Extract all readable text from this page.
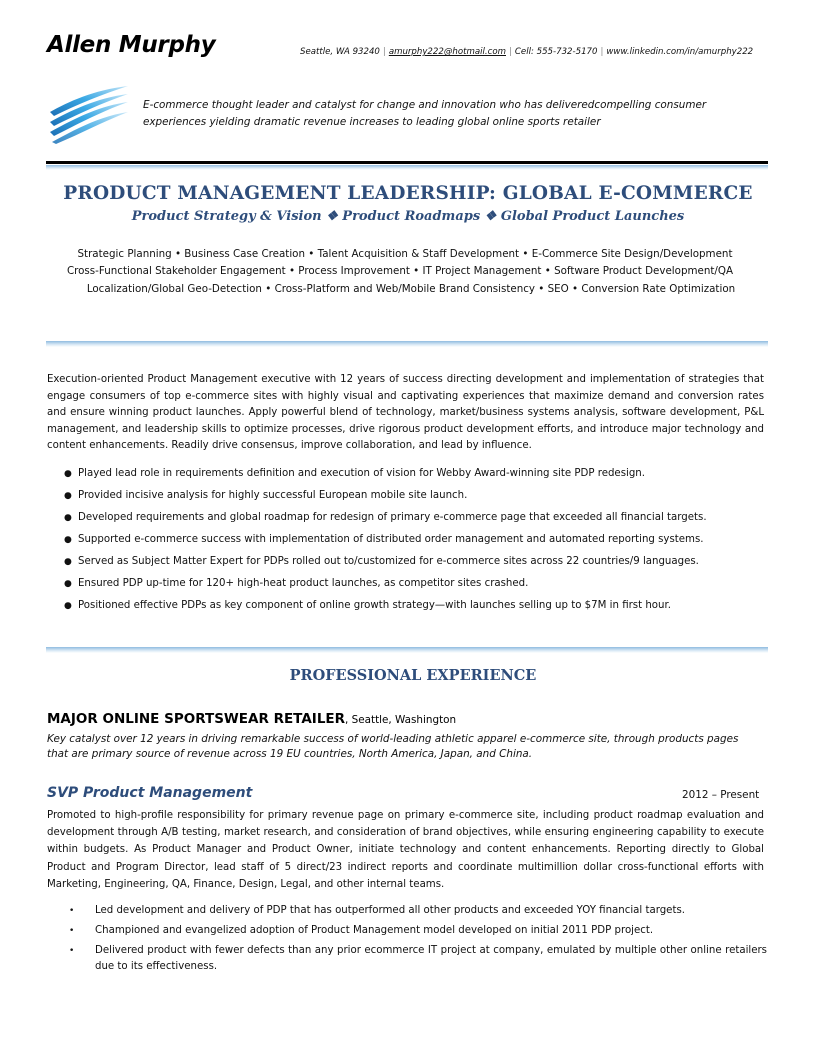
Allen Murphy	Seattle, WA 93240 | amurphy222@hotmail.com | Cell: 555-732-5170 | www.linkedin.com/in/amurphy222
E-commerce thought leader and catalyst for change and innovation who has deliveredcompelling consumer
experiences yielding dramatic revenue increases to leading global online sports retailer
PRODUCT MANAGEMENT LEADERSHIP: GLOBAL E-COMMERCE
Product Strategy & Vision ❖ Product Roadmaps ❖ Global Product Launches
Strategic Planning • Business Case Creation • Talent Acquisition & Staff Development • E-Commerce Site Design/Development
Cross-Functional Stakeholder Engagement • Process Improvement • IT Project Management • Software Product Development/QA
Localization/Global Geo-Detection • Cross-Platform and Web/Mobile Brand Consistency • SEO • Conversion Rate Optimization
Execution-oriented Product Management executive with 12 years of success directing development and implementation of strategies that engage consumers of top e-commerce sites with highly visual and captivating experiences that maximize demand and conversion rates and ensure winning product launches. Apply powerful blend of technology, market/business systems analysis, software development, P&L management, and leadership skills to optimize processes, drive rigorous product development efforts, and introduce major technology and content enhancements. Readily drive consensus, improve collaboration, and lead by influence.
● Played lead role in requirements definition and execution of vision for Webby Award-winning site PDP redesign.
● Provided incisive analysis for highly successful European mobile site launch.
● Developed requirements and global roadmap for redesign of primary e-commerce page that exceeded all financial targets.
● Supported e-commerce success with implementation of distributed order management and automated reporting systems.
● Served as Subject Matter Expert for PDPs rolled out to/customized for e-commerce sites across 22 countries/9 languages.
● Ensured PDP up-time for 120+ high-heat product launches, as competitor sites crashed.
● Positioned effective PDPs as key component of online growth strategy—with launches selling up to $7M in first hour.
PROFESSIONAL EXPERIENCE
MAJOR ONLINE SPORTSWEAR RETAILER, Seattle, Washington
Key catalyst over 12 years in driving remarkable success of world-leading athletic apparel e-commerce site, through products pages
that are primary source of revenue across 19 EU countries, North America, Japan, and China.
SVP Product Management	2012 – Present
Promoted to high-profile responsibility for primary revenue page on primary e-commerce site, including product roadmap evaluation and development through A/B testing, market research, and consideration of brand objectives, while ensuring engineering capability to execute within budgets. As Product Manager and Product Owner, initiate technology and content enhancements. Reporting directly to Global Product and Program Director, lead staff of 5 direct/23 indirect reports and coordinate multimillion dollar cross-functional efforts with Marketing, Engineering, QA, Finance, Design, Legal, and other internal teams.
• Led development and delivery of PDP that has outperformed all other products and exceeded YOY financial targets.
• Championed and evangelized adoption of Product Management model developed on initial 2011 PDP project.
• Delivered product with fewer defects than any prior ecommerce IT project at company, emulated by multiple other online retailers due to its effectiveness.
